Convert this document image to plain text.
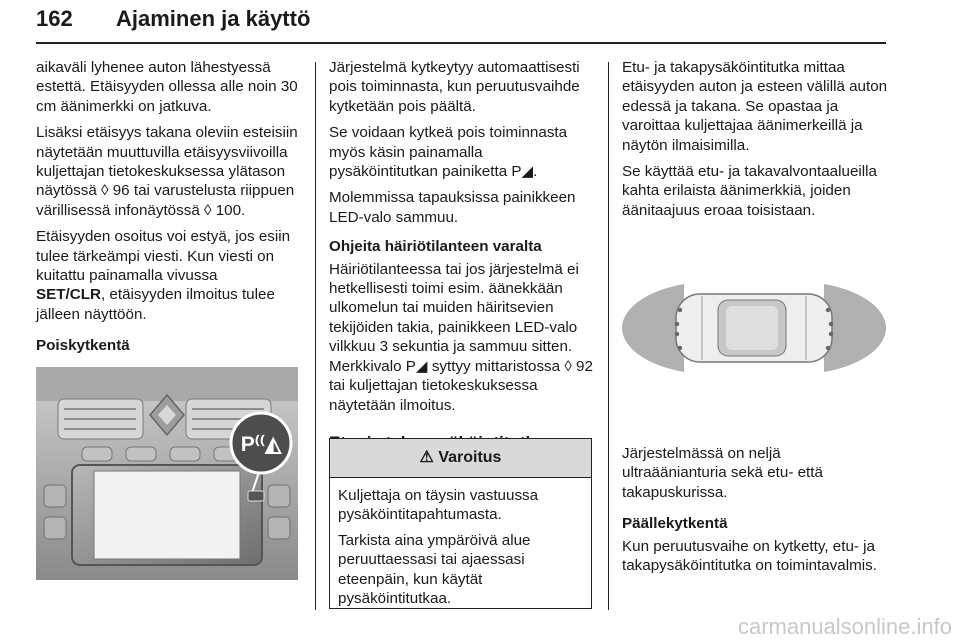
162 Ajaminen ja käyttö

aikaväli lyhenee auton lähestyessä estettä. Etäisyyden ollessa alle noin 30 cm äänimerkki on jatkuva.

Lisäksi etäisyys takana oleviin esteisiin näytetään muuttuvilla etäisyysviivoilla kuljettajan tietokeskuksessa ylätason näytössä ◊ 96 tai varustelusta riippuen värillisessä infonäytössä ◊ 100.

Etäisyyden osoitus voi estyä, jos esiin tulee tärkeämpi viesti. Kun viesti on kuitattu painamalla vivussa
SET/CLR, etäisyyden ilmoitus tulee jälleen näyttöön.

Poiskytkentä
P⁽⁽◭

Järjestelmä kytkeytyy automaattisesti pois toiminnasta, kun peruutusvaihde kytketään pois päältä.

Se voidaan kytkeä pois toiminnasta myös käsin painamalla pysäköintitutkan painiketta P◢.

Molemmissa tapauksissa painikkeen LED-valo sammuu.

Ohjeita häiriötilanteen varalta

Häiriötilanteessa tai jos järjestelmä ei hetkellisesti toimi esim. äänekkään ulkomelun tai muiden häiritsevien tekijöiden takia, painikkeen LED-valo vilkkuu 3 sekuntia ja sammuu sitten. Merkkivalo P◢ syttyy mittaristossa ◊ 92 tai kuljettajan tietokeskuksessa näytetään ilmoitus.

⚠ Varoitus

Kuljettaja on täysin vastuussa pysäköintitapahtumasta.

Tarkista aina ympäröivä alue peruuttaessasi tai ajaessasi eteenpäin, kun käytät pysäköintitutkaa.

Etu- ja takapysäköintitutka mittaa etäisyyden auton ja esteen välillä auton edessä ja takana. Se opastaa ja varoittaa kuljettajaa äänimerkeillä ja näytön ilmaisimilla.

Se käyttää etu- ja takavalvontaalueilla kahta erilaista äänimerkkiä, joiden äänitaajuus eroaa toisistaan.

Järjestelmässä on neljä ultraäänianturia sekä etu- että takapuskurissa.

Päällekytkentä

Kun peruutusvaihe on kytketty, etu- ja takapysäköintitutka on toimintavalmis.

carmanualsonline.info
